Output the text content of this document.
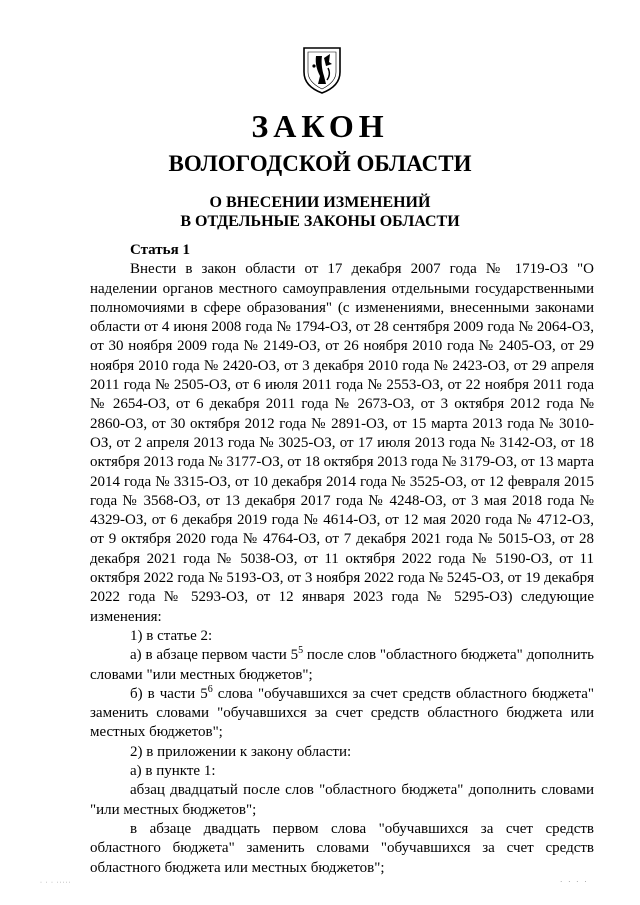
ЗАКОН
ВОЛОГОДСКОЙ ОБЛАСТИ
О ВНЕСЕНИИ ИЗМЕНЕНИЙ
В ОТДЕЛЬНЫЕ ЗАКОНЫ ОБЛАСТИ

Статья 1

Внести в закон области от 17 декабря 2007 года № 1719-ОЗ "О наделении органов местного самоуправления отдельными государственными полномочиями в сфере образования" (с изменениями, внесенными законами области от 4 июня 2008 года № 1794-ОЗ, от 28 сентября 2009 года № 2064-ОЗ, от 30 ноября 2009 года № 2149-ОЗ, от 26 ноября 2010 года № 2405-ОЗ, от 29 ноября 2010 года № 2420-ОЗ, от 3 декабря 2010 года № 2423-ОЗ, от 29 апреля 2011 года № 2505-ОЗ, от 6 июля 2011 года № 2553-ОЗ, от 22 ноября 2011 года № 2654-ОЗ, от 6 декабря 2011 года № 2673-ОЗ, от 3 октября 2012 года № 2860-ОЗ, от 30 октября 2012 года № 2891-ОЗ, от 15 марта 2013 года № 3010-ОЗ, от 2 апреля 2013 года № 3025-ОЗ, от 17 июля 2013 года № 3142-ОЗ, от 18 октября 2013 года № 3177-ОЗ, от 18 октября 2013 года № 3179-ОЗ, от 13 марта 2014 года № 3315-ОЗ, от 10 декабря 2014 года № 3525-ОЗ, от 12 февраля 2015 года № 3568-ОЗ, от 13 декабря 2017 года № 4248-ОЗ, от 3 мая 2018 года № 4329-ОЗ, от 6 декабря 2019 года № 4614-ОЗ, от 12 мая 2020 года № 4712-ОЗ, от 9 октября 2020 года № 4764-ОЗ, от 7 декабря 2021 года № 5015-ОЗ, от 28 декабря 2021 года № 5038-ОЗ, от 11 октября 2022 года № 5190-ОЗ, от 11 октября 2022 года № 5193-ОЗ, от 3 ноября 2022 года № 5245-ОЗ, от 19 декабря 2022 года № 5293-ОЗ, от 12 января 2023 года № 5295-ОЗ) следующие изменения:

1) в статье 2:

а) в абзаце первом части $5^5$ после слов "областного бюджета" дополнить словами "или местных бюджетов";

б) в части $5^6$ слова "обучавшихся за счет средств областного бюджета" заменить словами "обучавшихся за счет средств областного бюджета или местных бюджетов";

2) в приложении к закону области:

а) в пункте 1:

абзац двадцатый после слов "областного бюджета" дополнить словами "или местных бюджетов";

в абзаце двадцать первом слова "обучавшихся за счет средств областного бюджета" заменить словами "обучавшихся за счет средств областного бюджета или местных бюджетов";

· · · ·····	· · · ·
